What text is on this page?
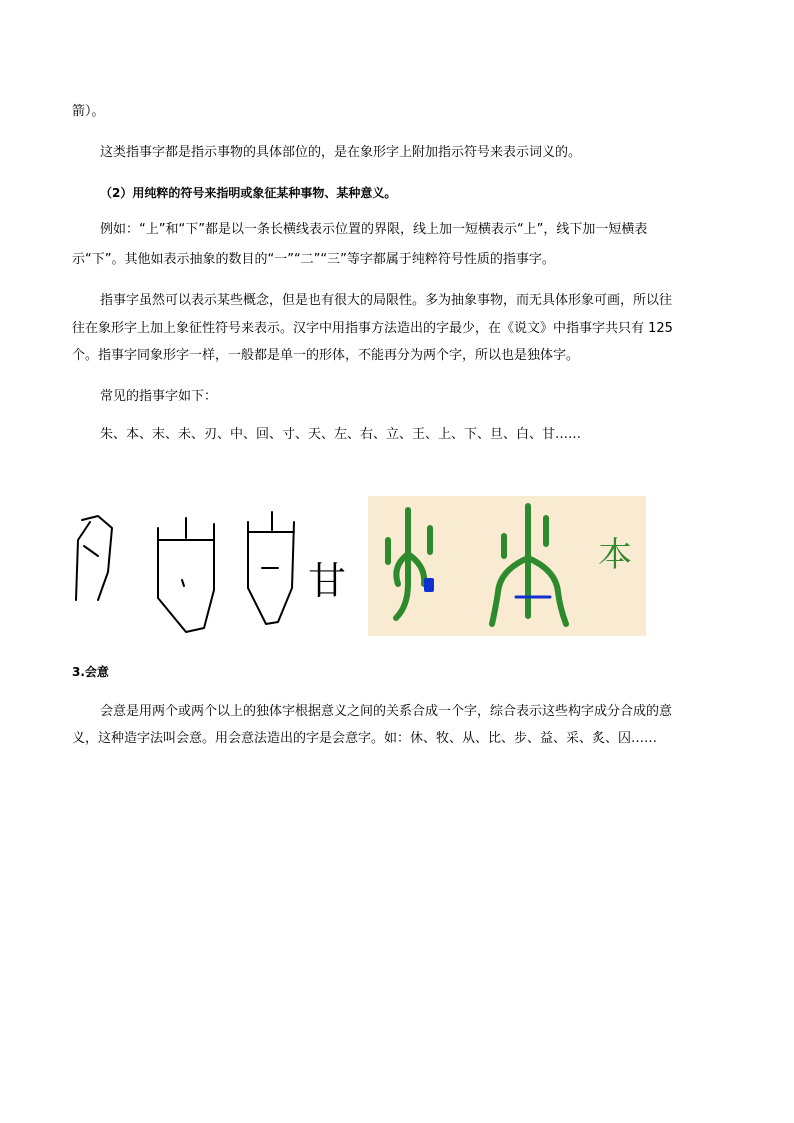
箭）。
这类指事字都是指示事物的具体部位的，是在象形字上附加指示符号来表示词义的。
（2）用纯粹的符号来指明或象征某种事物、某种意义。
例如：“上”和“下”都是以一条长横线表示位置的界限，线上加一短横表示“上”，线下加一短横表
示“下”。其他如表示抽象的数目的“一”“二”“三”等字都属于纯粹符号性质的指事字。
指事字虽然可以表示某些概念，但是也有很大的局限性。多为抽象事物，而无具体形象可画，所以往
往在象形字上加上象征性符号来表示。汉字中用指事方法造出的字最少，在《说文》中指事字共只有 125
个。指事字同象形字一样，一般都是单一的形体，不能再分为两个字，所以也是独体字。
常见的指事字如下：
朱、本、末、未、刃、中、回、寸、天、左、右、立、王、上、下、旦、白、甘……
甘
本
3.会意
会意是用两个或两个以上的独体字根据意义之间的关系合成一个字，综合表示这些构字成分合成的意
义，这种造字法叫会意。用会意法造出的字是会意字。如：休、牧、从、比、步、益、采、炙、囚……
